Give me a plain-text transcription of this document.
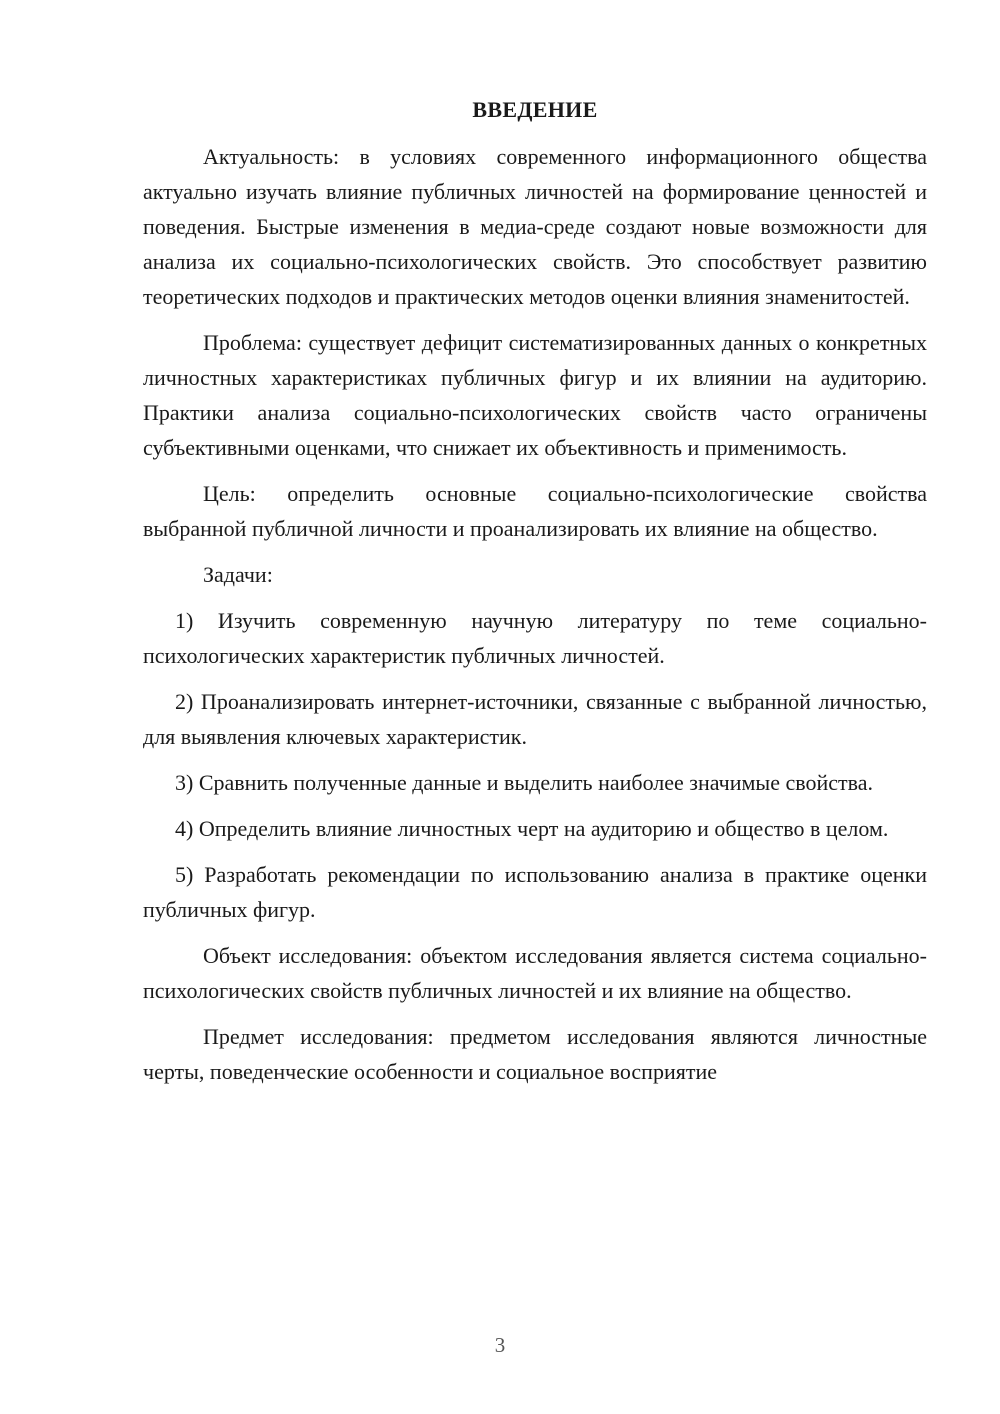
ВВЕДЕНИЕ

Актуальность: в условиях современного информационного общества актуально изучать влияние публичных личностей на формирование ценностей и поведения. Быстрые изменения в медиа-среде создают новые возможности для анализа их социально-психологических свойств. Это способствует развитию теоретических подходов и практических методов оценки влияния знаменитостей.

Проблема: существует дефицит систематизированных данных о конкретных личностных характеристиках публичных фигур и их влиянии на аудиторию. Практики анализа социально-психологических свойств часто ограничены субъективными оценками, что снижает их объективность и применимость.

Цель: определить основные социально-психологические свойства выбранной публичной личности и проанализировать их влияние на общество.

Задачи:

1) Изучить современную научную литературу по теме социально-психологических характеристик публичных личностей.

2) Проанализировать интернет-источники, связанные с выбранной личностью, для выявления ключевых характеристик.

3) Сравнить полученные данные и выделить наиболее значимые свойства.

4) Определить влияние личностных черт на аудиторию и общество в целом.

5) Разработать рекомендации по использованию анализа в практике оценки публичных фигур.

Объект исследования: объектом исследования является система социально-психологических свойств публичных личностей и их влияние на общество.

Предмет исследования: предметом исследования являются личностные черты, поведенческие особенности и социальное восприятие

3
